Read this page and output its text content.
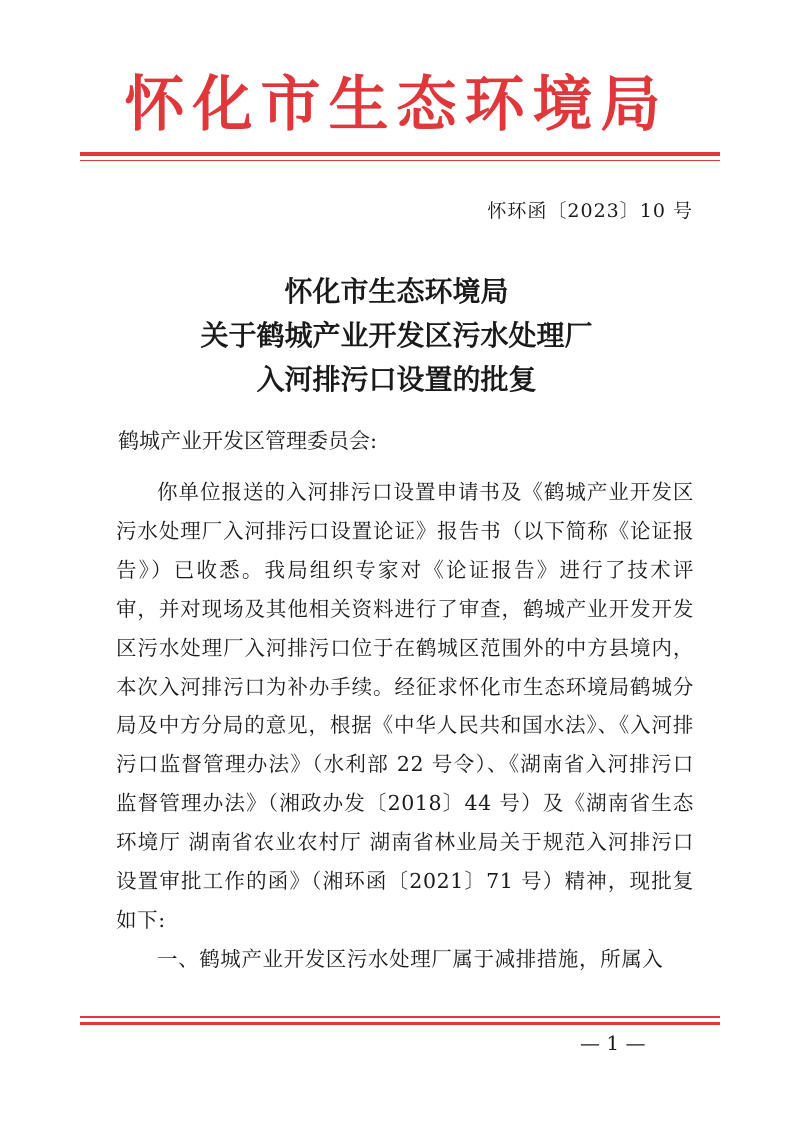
怀化市生态环境局
怀环函〔2023〕10 号
怀化市生态环境局
关于鹤城产业开发区污水处理厂
入河排污口设置的批复
鹤城产业开发区管理委员会:

你单位报送的入河排污口设置申请书及《鹤城产业开发区污水处理厂入河排污口设置论证》报告书（以下简称《论证报告》）已收悉。我局组织专家对《论证报告》进行了技术评审，并对现场及其他相关资料进行了审查，鹤城产业开发开发区污水处理厂入河排污口位于在鹤城区范围外的中方县境内，本次入河排污口为补办手续。经征求怀化市生态环境局鹤城分局及中方分局的意见，根据《中华人民共和国水法》、《入河排污口监督管理办法》（水利部 22 号令）、《湖南省入河排污口监督管理办法》（湘政办发〔2018〕44 号）及《湖南省生态环境厅 湖南省农业农村厅 湖南省林业局关于规范入河排污口设置审批工作的函》（湘环函〔2021〕71 号）精神，现批复如下:

一、鹤城产业开发区污水处理厂属于减排措施，所属入

— 1 —
